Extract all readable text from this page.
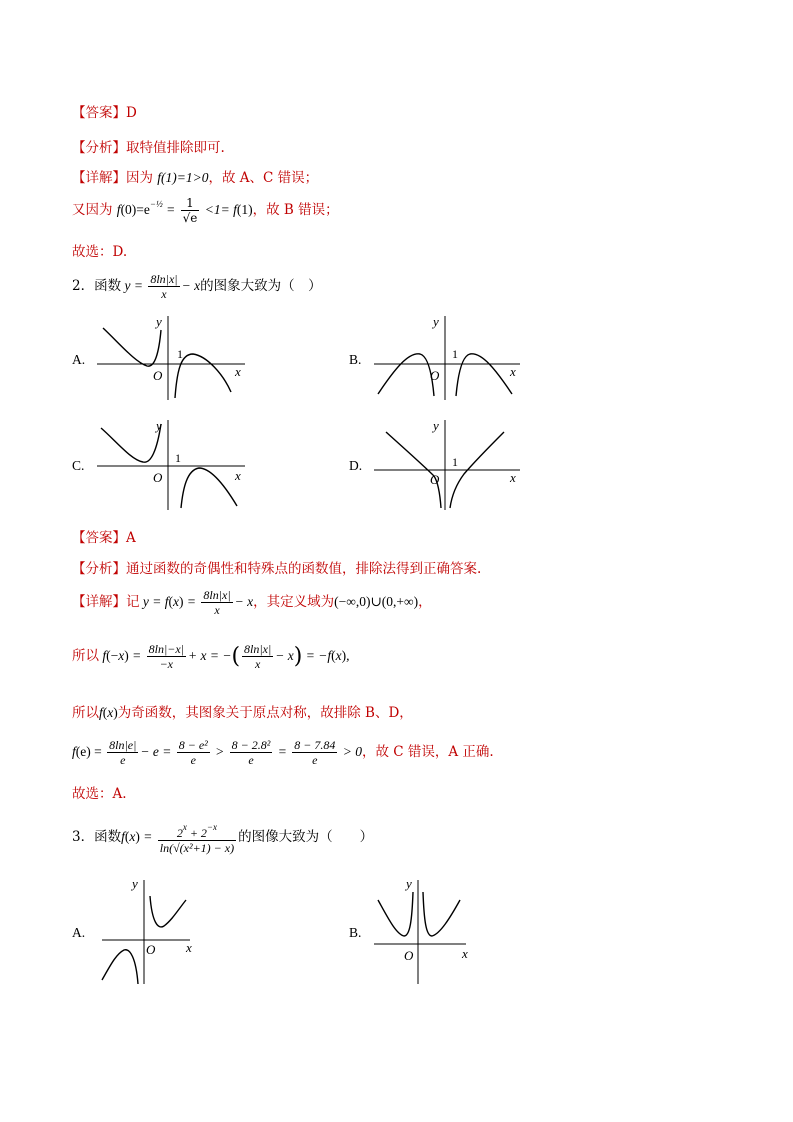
【答案】D
【分析】取特值排除即可.
【详解】因为 f(1)=1>0，故 A、C 错误；
又因为 $f(0)=e^{-\frac{1}{2}} = \frac{1}{√e} <1= f(1)$，故 B 错误；
故选：D.
2．函数 $y = \frac{8\ln|x|}{x} - x$的图象大致为（　）
A.
y
x
O
1	B.
y
x
O
1
C.
y
x
O
1	D.
y
x
O
1
【答案】A
【分析】通过函数的奇偶性和特殊点的函数值，排除法得到正确答案.
【详解】记 $y = f(x) = \frac{8\ln|x|}{x} - x$，其定义域为(−∞,0)∪(0,+∞)，
所以 $f(-x) = \frac{8\ln|-x|}{-x} + x$ = −( $\frac{8\ln|x|}{x} - x) = -f(x)$,
所以f(x)为奇函数，其图象关于原点对称，故排除 B、D，
$f(e) = \frac{8\ln|e|}{e} - e = \frac{\text{8 − e²}}{e} > \frac{\text{8 − 2.8²}}{e} = \frac{8 - 7.84}{e} > 0$，故 C 错误，A 正确.
故选：A.
3．函数$f(x) = \frac{2^x + 2^{-x}}{\text{ln(√(x²+1) − x)}}$ 的图像大致为（　　）
A.
y
x
O
B.
y
x
O
